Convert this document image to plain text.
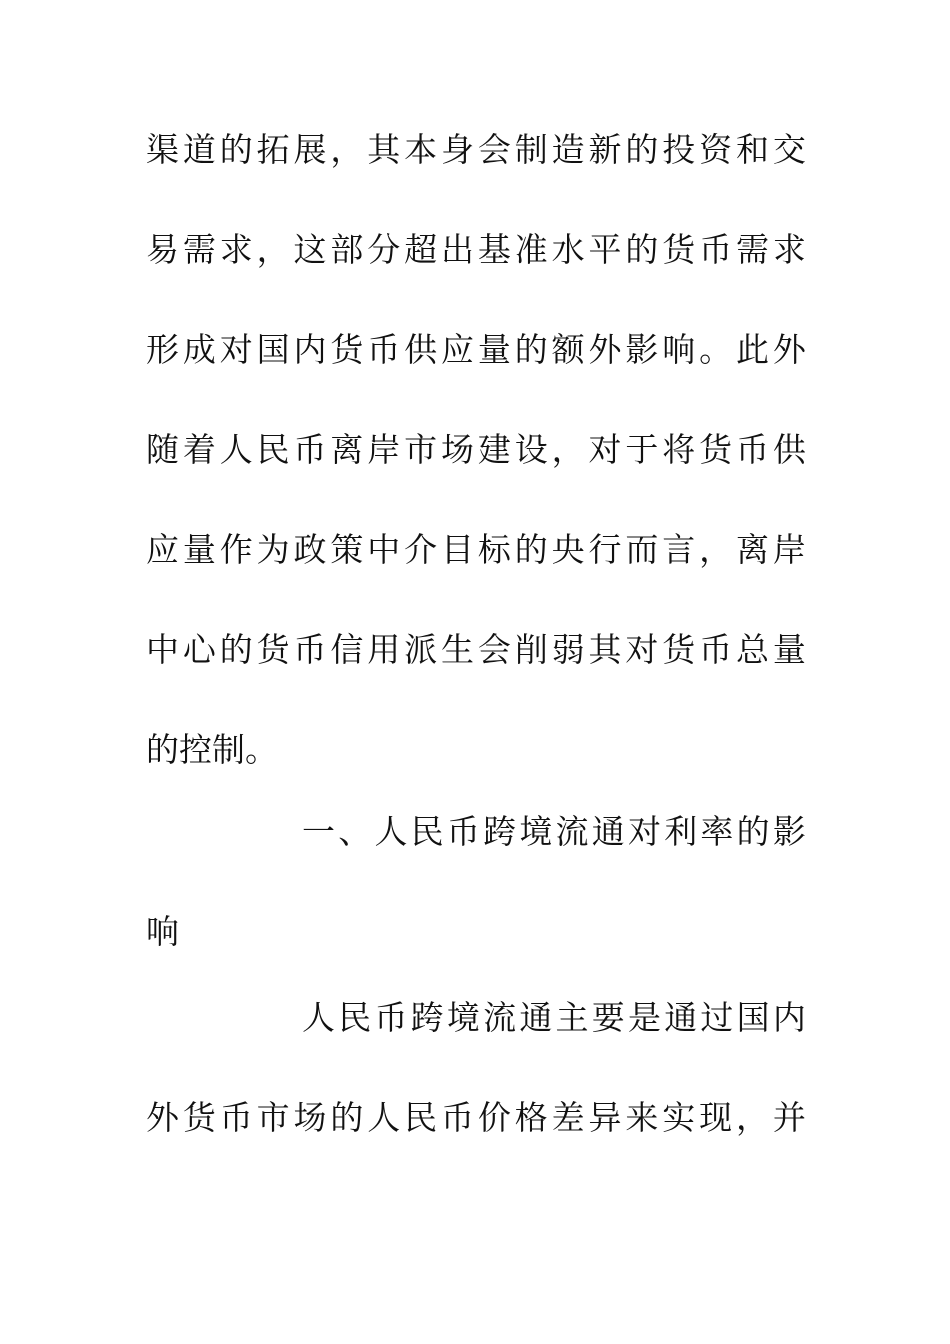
渠 道 的 拓 展 ， 其 本 身 会 制 造 新 的 投 资 和 交
易 需 求 ， 这 部 分 超 出 基 准 水 平 的 货 币 需 求
形 成 对 国 内 货 币 供 应 量 的 额 外 影 响 。 此 外
随 着 人 民 币 离 岸 市 场 建 设 ， 对 于 将 货 币 供
应 量 作 为 政 策 中 介 目 标 的 央 行 而 言 ， 离 岸
中 心 的 货 币 信 用 派 生 会 削 弱 其 对 货 币 总 量
的控制。
一 、 人 民 币 跨 境 流 通 对 利 率 的 影
响
人 民 币 跨 境 流 通 主 要 是 通 过 国 内
外 货 币 市 场 的 人 民 币 价 格 差 异 来 实 现 ， 并
